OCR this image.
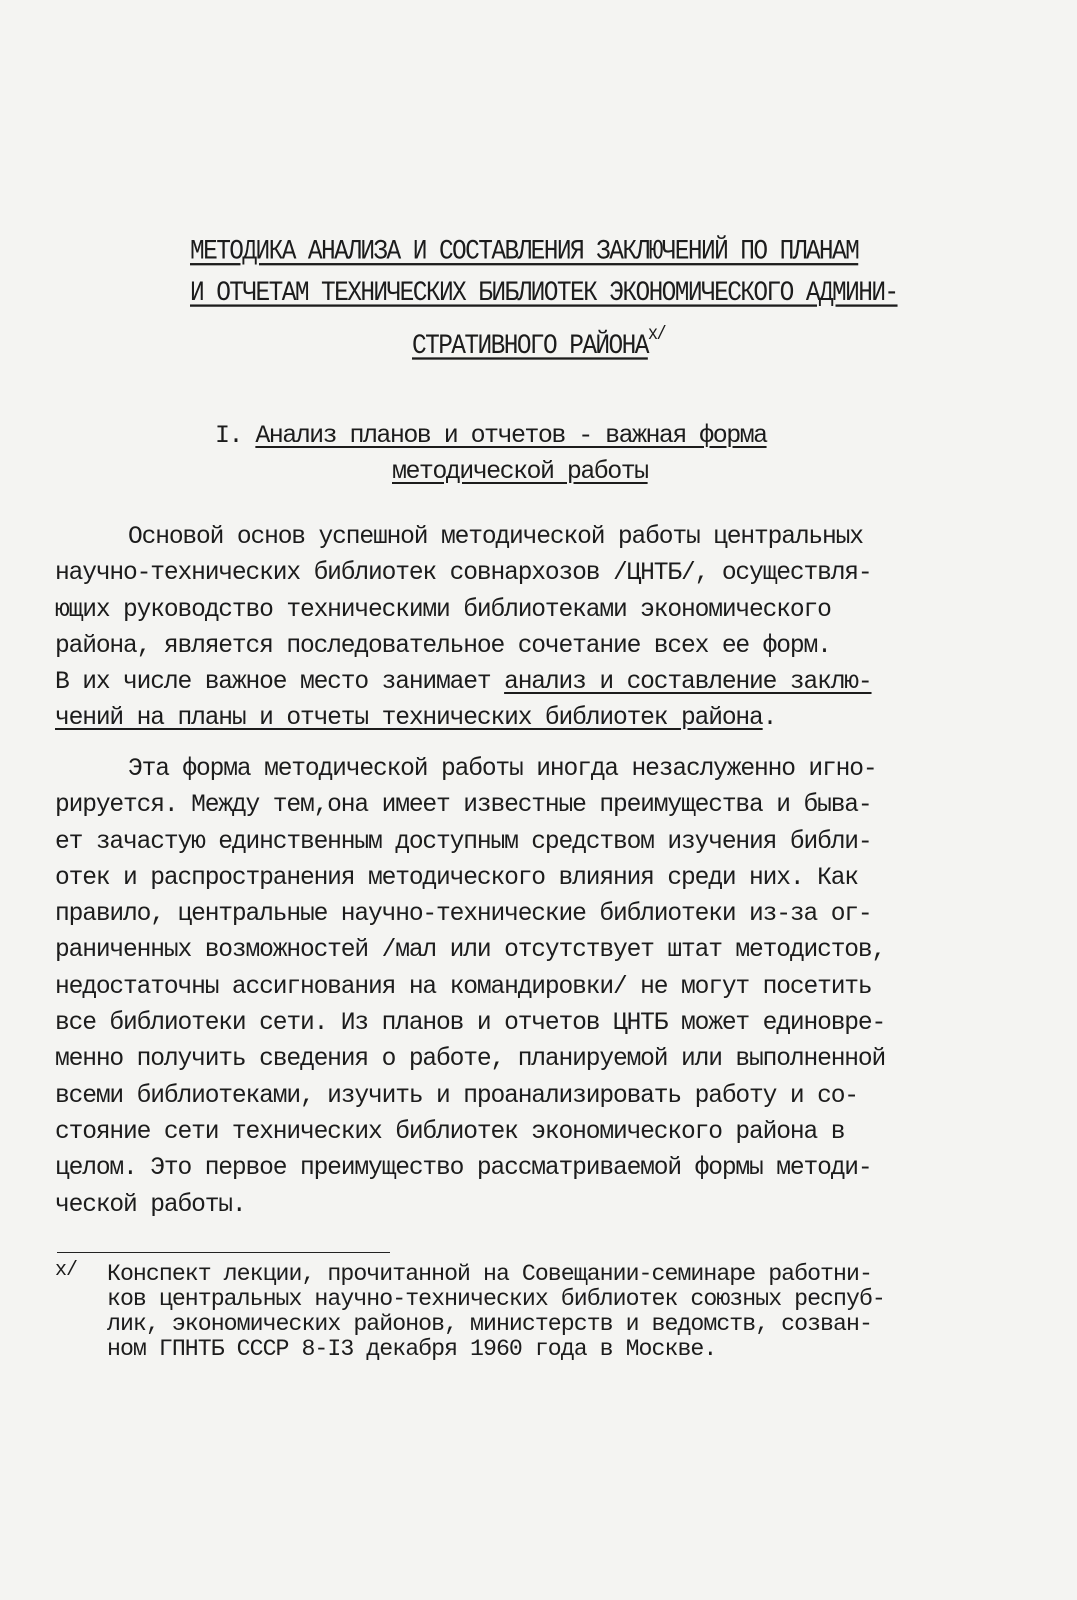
МЕТОДИКА АНАЛИЗА И СОСТАВЛЕНИЯ ЗАКЛЮЧЕНИЙ ПО ПЛАНАМ
И ОТЧЕТАМ ТЕХНИЧЕСКИХ БИБЛИОТЕК ЭКОНОМИЧЕСКОГО АДМИНИ-
СТРАТИВНОГО $РАЙОНА^{х/}$
I. Анализ планов и отчетов - важная форма
методической работы
Основой основ успешной методической работы центральных
научно-технических библиотек совнархозов /ЦНТБ/, осуществля-
ющих руководство техническими библиотеками экономического
района, является последовательное сочетание всех ее форм.
В их числе важное место занимает анализ и составление заклю-
чений на планы и отчеты технических библиотек района.
Эта форма методической работы иногда незаслуженно игно-
рируется. Между тем,она имеет известные преимущества и быва-
ет зачастую единственным доступным средством изучения библи-
отек и распространения методического влияния среди них. Как
правило, центральные научно-технические библиотеки из-за ог-
раниченных возможностей /мал или отсутствует штат методистов,
недостаточны ассигнования на командировки/ не могут посетить
все библиотеки сети. Из планов и отчетов ЦНТБ может единовре-
менно получить сведения о работе, планируемой или выполненной
всеми библиотеками, изучить и проанализировать работу и со-
стояние сети технических библиотек экономического района в
целом. Это первое преимущество рассматриваемой формы методи-
ческой работы.
х/ Конспект лекции, прочитанной на Совещании-семинаре работни-
ков центральных научно-технических библиотек союзных респуб-
лик, экономических районов, министерств и ведомств, созван-
ном ГПНТБ СССР 8-I3 декабря 1960 года в Москве.
